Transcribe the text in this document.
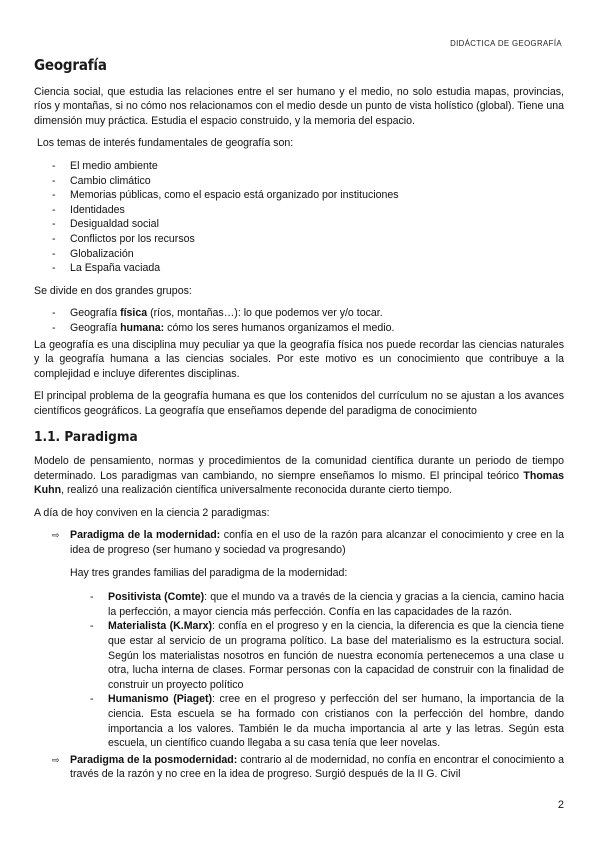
DIDÁCTICA DE GEOGRAFÍA
Geografía

Ciencia social, que estudia las relaciones entre el ser humano y el medio, no solo estudia mapas, provincias, ríos y montañas, si no cómo nos relacionamos con el medio desde un punto de vista holístico (global). Tiene una dimensión muy práctica. Estudia el espacio construido, y la memoria del espacio.

Los temas de interés fundamentales de geografía son:

- El medio ambiente
- Cambio climático
- Memorias públicas, como el espacio está organizado por instituciones
- Identidades
- Desigualdad social
- Conflictos por los recursos
- Globalización
- La España vaciada

Se divide en dos grandes grupos:

- Geografía física (ríos, montañas…): lo que podemos ver y/o tocar.
- Geografía humana: cómo los seres humanos organizamos el medio.

La geografía es una disciplina muy peculiar ya que la geografía física nos puede recordar las ciencias naturales y la geografía humana a las ciencias sociales. Por este motivo es un conocimiento que contribuye a la complejidad e incluye diferentes disciplinas.

El principal problema de la geografía humana es que los contenidos del currículum no se ajustan a los avances científicos geográficos. La geografía que enseñamos depende del paradigma de conocimiento

1.1. Paradigma

Modelo de pensamiento, normas y procedimientos de la comunidad científica durante un periodo de tiempo determinado. Los paradigmas van cambiando, no siempre enseñamos lo mismo. El principal teórico Thomas Kuhn, realizó una realización científica universalmente reconocida durante cierto tiempo.

A día de hoy conviven en la ciencia 2 paradigmas:

⇨ Paradigma de la modernidad: confía en el uso de la razón para alcanzar el conocimiento y cree en la idea de progreso (ser humano y sociedad va progresando)
Hay tres grandes familias del paradigma de la modernidad:
- Positivista (Comte): que el mundo va a través de la ciencia y gracias a la ciencia, camino hacia la perfección, a mayor ciencia más perfección. Confía en las capacidades de la razón.
- Materialista (K.Marx): confía en el progreso y en la ciencia, la diferencia es que la ciencia tiene que estar al servicio de un programa político. La base del materialismo es la estructura social. Según los materialistas nosotros en función de nuestra economía pertenecemos a una clase u otra, lucha interna de clases. Formar personas con la capacidad de construir con la finalidad de construir un proyecto político
- Humanismo (Piaget): cree en el progreso y perfección del ser humano, la importancia de la ciencia. Esta escuela se ha formado con cristianos con la perfección del hombre, dando importancia a los valores. También le da mucha importancia al arte y las letras. Según esta escuela, un científico cuando llegaba a su casa tenía que leer novelas.
⇨ Paradigma de la posmodernidad: contrario al de modernidad, no confía en encontrar el conocimiento a través de la razón y no cree en la idea de progreso. Surgió después de la II G. Civil
2
